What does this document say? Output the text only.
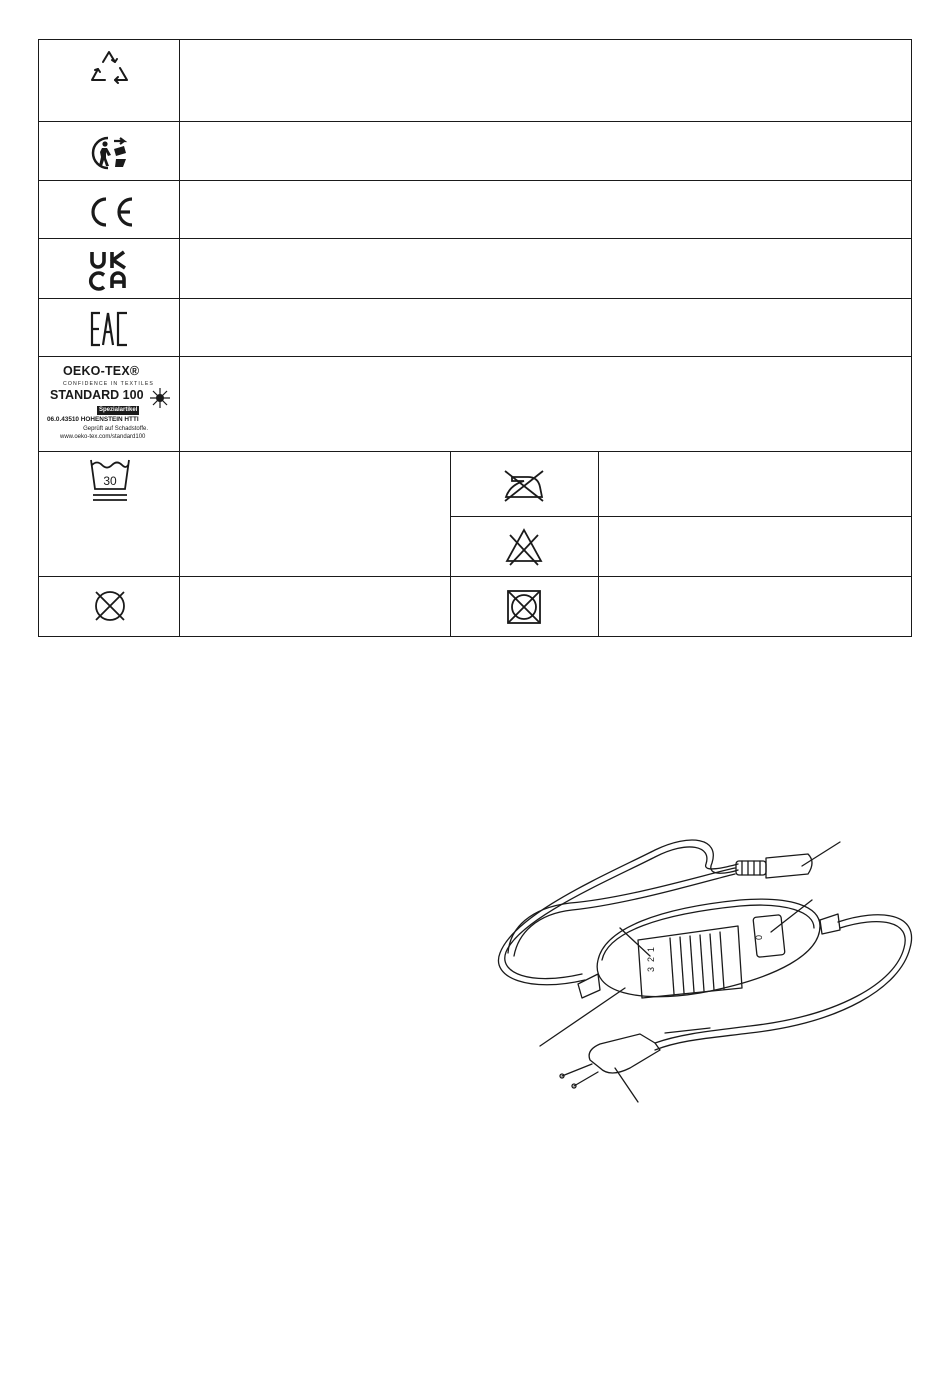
OEKO-TEX®
CONFIDENCE IN TEXTILES
STANDARD 100
Spezialartikel
06.0.43510 HOHENSTEIN HTTI
Geprüft auf Schadstoffe.
www.oeko-tex.com/standard100
30
0
1
2
3
